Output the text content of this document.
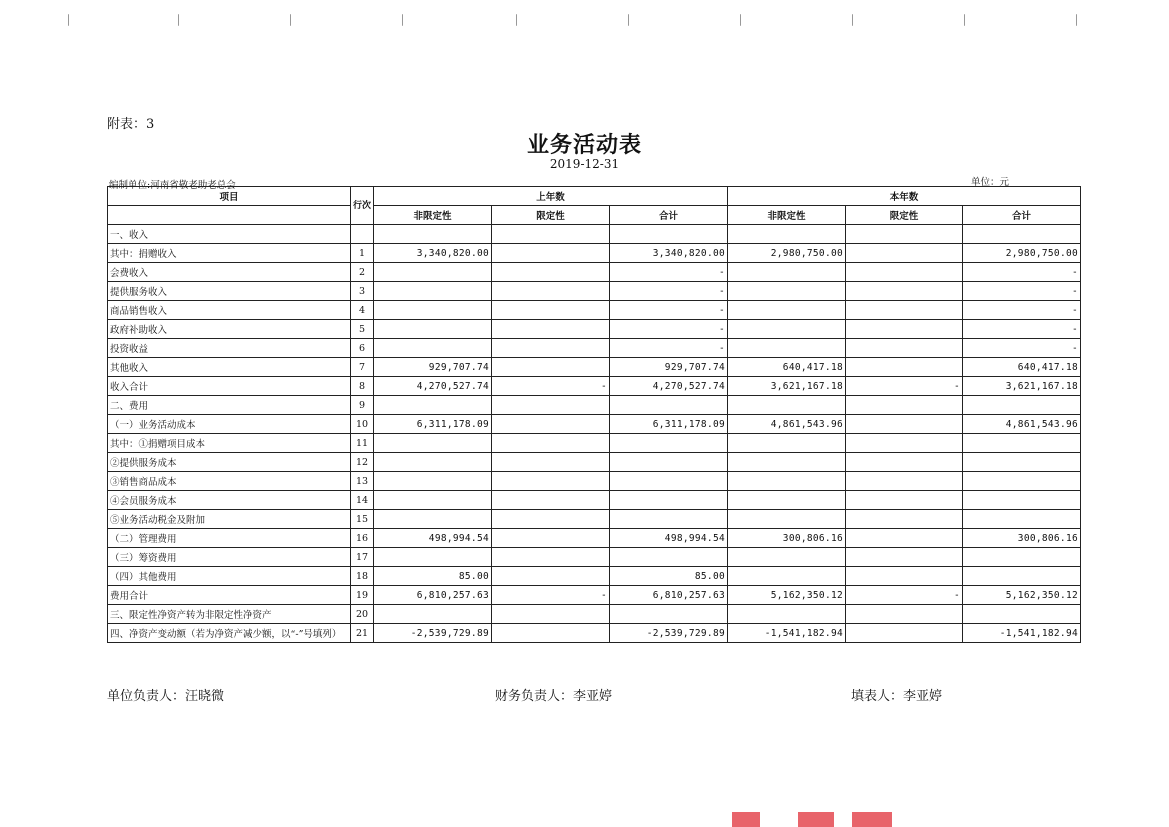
附表：3
业务活动表
2019-12-31
编制单位:河南省敬老助老总会	单位：元
项目	行次	上年数			本年数		
		非限定性	限定性	合计	非限定性	限定性	合计
一、收入							
其中：捐赠收入	1	3,340,820.00		3,340,820.00	2,980,750.00		2,980,750.00
会费收入	2			-			-
提供服务收入	3			-			-
商品销售收入	4			-			-
政府补助收入	5			-			-
投资收益	6			-			-
其他收入	7	929,707.74		929,707.74	640,417.18		640,417.18
收入合计	8	4,270,527.74	-	4,270,527.74	3,621,167.18	-	3,621,167.18
二、费用	9						
（一）业务活动成本	10	6,311,178.09		6,311,178.09	4,861,543.96		4,861,543.96
其中：①捐赠项目成本	11						
②提供服务成本	12						
③销售商品成本	13						
④会员服务成本	14						
⑤业务活动税金及附加	15						
（二）管理费用	16	498,994.54		498,994.54	300,806.16		300,806.16
（三）筹资费用	17						
（四）其他费用	18	85.00		85.00			
费用合计	19	6,810,257.63	-	6,810,257.63	5,162,350.12	-	5,162,350.12
三、限定性净资产转为非限定性净资产	20						
四、净资产变动额（若为净资产减少额，以“-”号填列）	21	-2,539,729.89		-2,539,729.89	-1,541,182.94		-1,541,182.94
单位负责人：汪晓微	财务负责人：李亚婷	填表人：李亚婷
